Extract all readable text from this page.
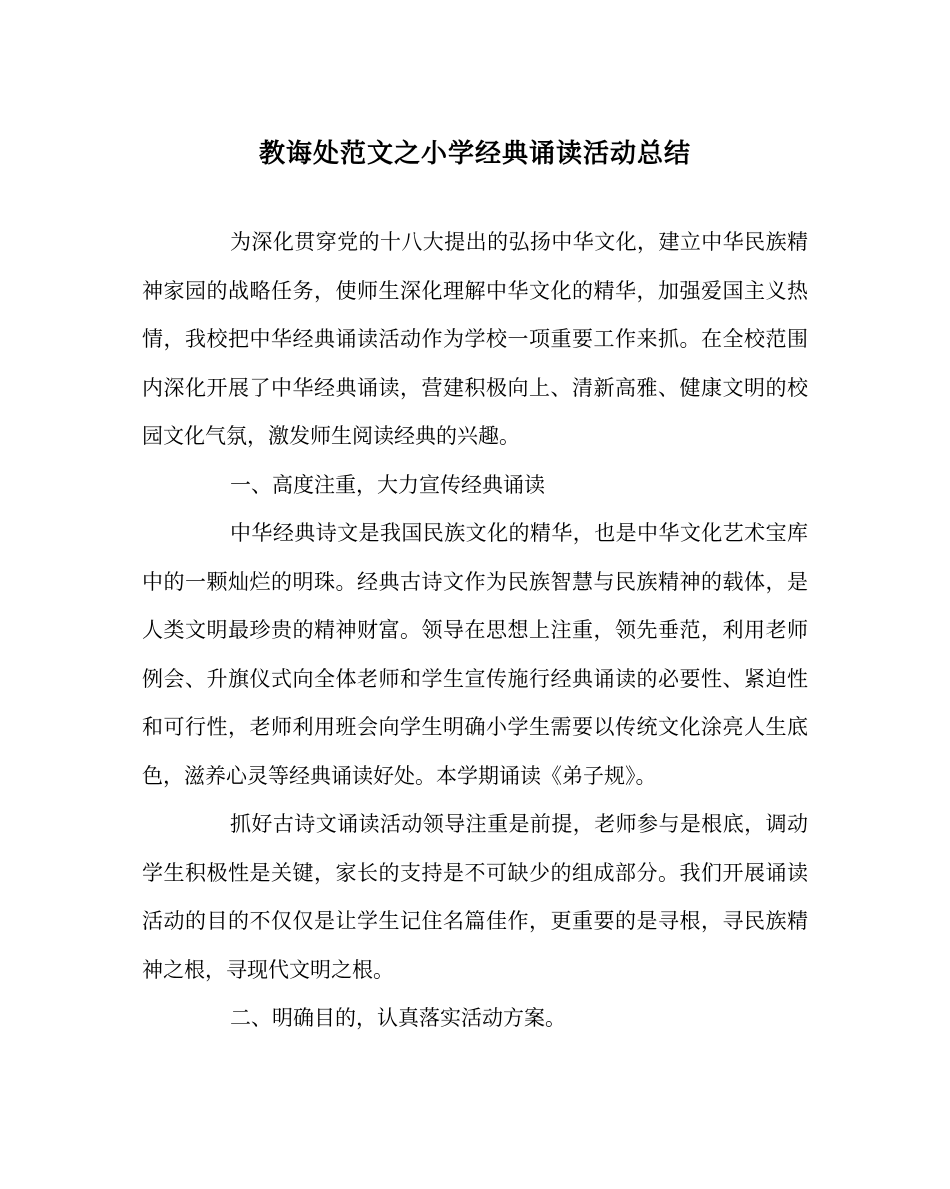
教诲处范文之小学经典诵读活动总结

为深化贯穿党的十八大提出的弘扬中华文化，建立中华民族精神家园的战略任务，使师生深化理解中华文化的精华，加强爱国主义热情，我校把中华经典诵读活动作为学校一项重要工作来抓。在全校范围内深化开展了中华经典诵读，营建积极向上、清新高雅、健康文明的校园文化气氛，激发师生阅读经典的兴趣。

一、高度注重，大力宣传经典诵读

中华经典诗文是我国民族文化的精华，也是中华文化艺术宝库中的一颗灿烂的明珠。经典古诗文作为民族智慧与民族精神的载体，是人类文明最珍贵的精神财富。领导在思想上注重，领先垂范，利用老师例会、升旗仪式向全体老师和学生宣传施行经典诵读的必要性、紧迫性和可行性，老师利用班会向学生明确小学生需要以传统文化涂亮人生底色，滋养心灵等经典诵读好处。本学期诵读《弟子规》。

抓好古诗文诵读活动领导注重是前提，老师参与是根底，调动学生积极性是关键，家长的支持是不可缺少的组成部分。我们开展诵读活动的目的不仅仅是让学生记住名篇佳作，更重要的是寻根，寻民族精神之根，寻现代文明之根。

二、明确目的，认真落实活动方案。
